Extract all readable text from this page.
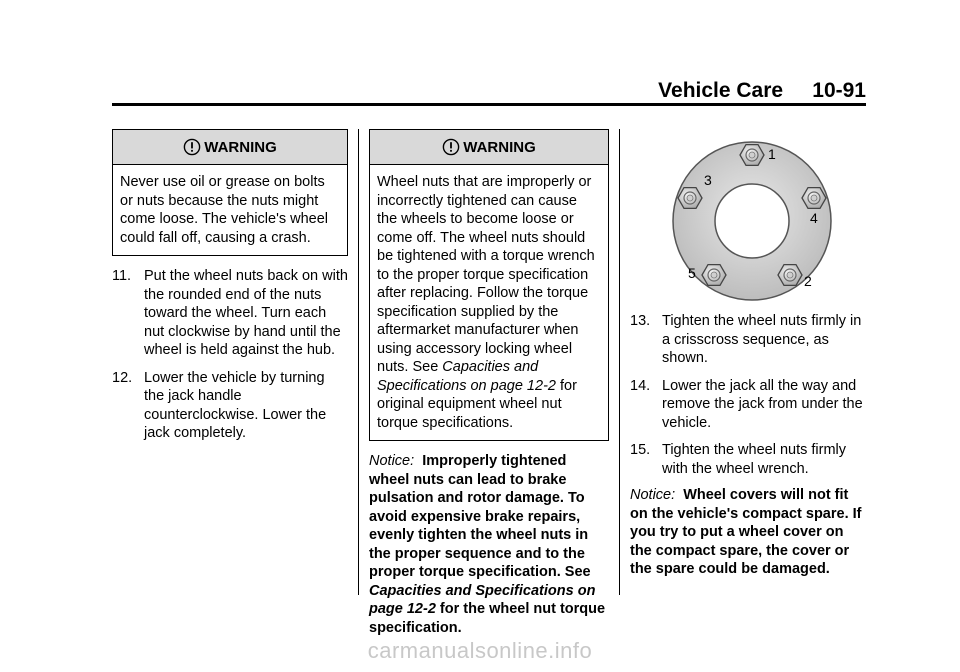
Vehicle Care 10-91
WARNING
Never use oil or grease on bolts or nuts because the nuts might come loose. The vehicle's wheel could fall off, causing a crash.
11. Put the wheel nuts back on with the rounded end of the nuts toward the wheel. Turn each nut clockwise by hand until the wheel is held against the hub.
12. Lower the vehicle by turning the jack handle counterclockwise. Lower the jack completely.
WARNING
Wheel nuts that are improperly or incorrectly tightened can cause the wheels to become loose or come off. The wheel nuts should be tightened with a torque wrench to the proper torque specification after replacing. Follow the torque specification supplied by the aftermarket manufacturer when using accessory locking wheel nuts. See Capacities and Specifications on page 12-2 for original equipment wheel nut torque specifications.
Notice: Improperly tightened wheel nuts can lead to brake pulsation and rotor damage. To avoid expensive brake repairs, evenly tighten the wheel nuts in the proper sequence and to the proper torque specification. See Capacities and Specifications on page 12-2 for the wheel nut torque specification.
1
2
3
4
5
13. Tighten the wheel nuts firmly in a crisscross sequence, as shown.
14. Lower the jack all the way and remove the jack from under the vehicle.
15. Tighten the wheel nuts firmly with the wheel wrench.
Notice: Wheel covers will not fit on the vehicle's compact spare. If you try to put a wheel cover on the compact spare, the cover or the spare could be damaged.
carmanualsonline.info
